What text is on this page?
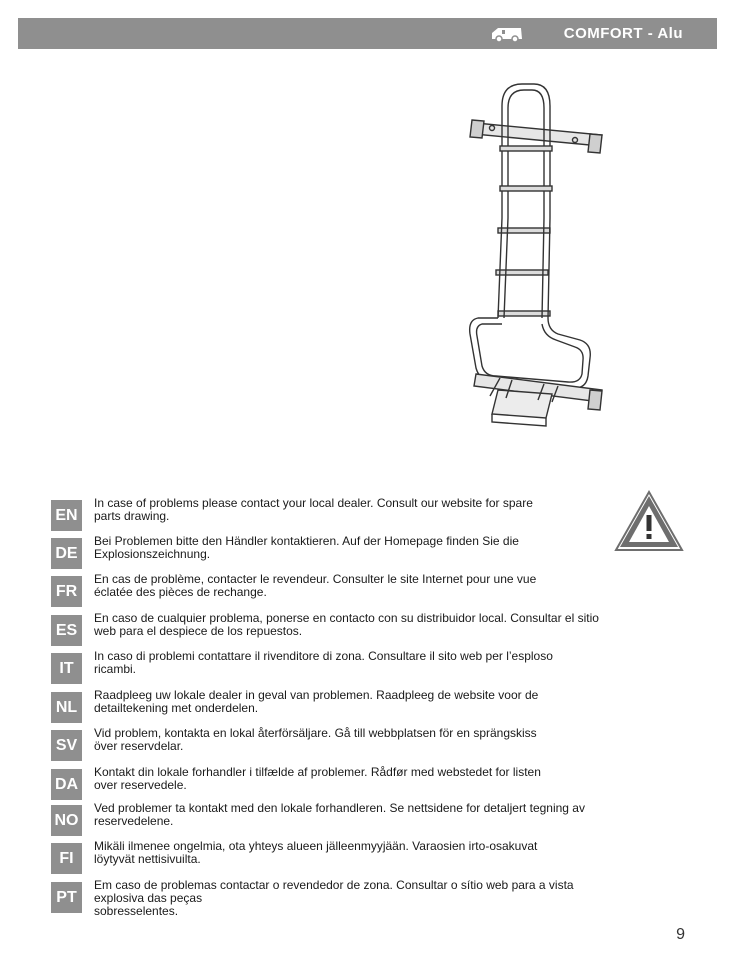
COMFORT - Alu
EN
In case of problems please contact your local dealer. Consult our website for spare
parts drawing.
DE
Bei Problemen bitte den Händler kontaktieren. Auf der Homepage finden Sie die
Explosionszeichnung.
FR
En cas de problème, contacter le revendeur. Consulter le site Internet pour une vue
éclatée des pièces de rechange.
ES
En caso de cualquier problema, ponerse en contacto con su distribuidor local. Consultar el sitio
web para el despiece de los repuestos.
IT
In caso di problemi contattare il rivenditore di zona. Consultare il sito web per l’esploso
ricambi.
NL
Raadpleeg uw lokale dealer in geval van problemen. Raadpleeg de website voor de
detailtekening met onderdelen.
SV
Vid problem, kontakta en lokal återförsäljare. Gå till webbplatsen för en sprängskiss
över reservdelar.
DA
Kontakt din lokale forhandler i tilfælde af problemer. Rådfør med webstedet for listen
over reservedele.
NO
Ved problemer ta kontakt med den lokale forhandleren. Se nettsidene for detaljert tegning av
reservedelene.
FI
Mikäli ilmenee ongelmia, ota yhteys alueen jälleenmyyjään. Varaosien irto-osakuvat
löytyvät nettisivuilta.
PT
Em caso de problemas contactar o revendedor de zona. Consultar o sítio web para a vista
explosiva das peças
sobresselentes.
9
